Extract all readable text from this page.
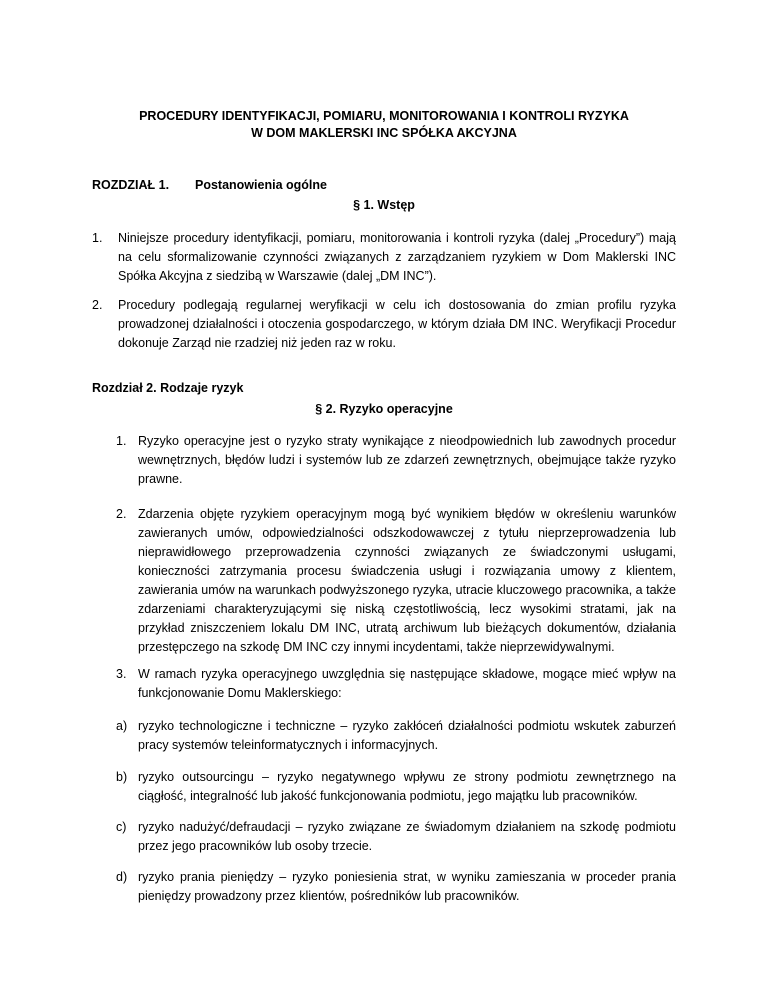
PROCEDURY IDENTYFIKACJI, POMIARU, MONITOROWANIA I KONTROLI RYZYKA
W DOM MAKLERSKI INC SPÓŁKA AKCYJNA
ROZDZIAŁ 1. Postanowienia ogólne
§ 1. Wstęp
1. Niniejsze procedury identyfikacji, pomiaru, monitorowania i kontroli ryzyka (dalej „Procedury”) mają na celu sformalizowanie czynności związanych z zarządzaniem ryzykiem w Dom Maklerski INC Spółka Akcyjna z siedzibą w Warszawie (dalej „DM INC”).
2. Procedury podlegają regularnej weryfikacji w celu ich dostosowania do zmian profilu ryzyka prowadzonej działalności i otoczenia gospodarczego, w którym działa DM INC. Weryfikacji Procedur dokonuje Zarząd nie rzadziej niż jeden raz w roku.
Rozdział 2. Rodzaje ryzyk
§ 2. Ryzyko operacyjne
1. Ryzyko operacyjne jest o ryzyko straty wynikające z nieodpowiednich lub zawodnych procedur wewnętrznych, błędów ludzi i systemów lub ze zdarzeń zewnętrznych, obejmujące także ryzyko prawne.
2. Zdarzenia objęte ryzykiem operacyjnym mogą być wynikiem błędów w określeniu warunków zawieranych umów, odpowiedzialności odszkodowawczej z tytułu nieprzeprowadzenia lub nieprawidłowego przeprowadzenia czynności związanych ze świadczonymi usługami, konieczności zatrzymania procesu świadczenia usługi i rozwiązania umowy z klientem, zawierania umów na warunkach podwyższonego ryzyka, utracie kluczowego pracownika, a także zdarzeniami charakteryzującymi się niską częstotliwością, lecz wysokimi stratami, jak na przykład zniszczeniem lokalu DM INC, utratą archiwum lub bieżących dokumentów, działania przestępczego na szkodę DM INC czy innymi incydentami, także nieprzewidywalnymi.
3. W ramach ryzyka operacyjnego uwzględnia się następujące składowe, mogące mieć wpływ na funkcjonowanie Domu Maklerskiego:
a) ryzyko technologiczne i techniczne – ryzyko zakłóceń działalności podmiotu wskutek zaburzeń pracy systemów teleinformatycznych i informacyjnych.
b) ryzyko outsourcingu – ryzyko negatywnego wpływu ze strony podmiotu zewnętrznego na ciągłość, integralność lub jakość funkcjonowania podmiotu, jego majątku lub pracowników.
c) ryzyko nadużyć/defraudacji – ryzyko związane ze świadomym działaniem na szkodę podmiotu przez jego pracowników lub osoby trzecie.
d) ryzyko prania pieniędzy – ryzyko poniesienia strat, w wyniku zamieszania w proceder prania pieniędzy prowadzony przez klientów, pośredników lub pracowników.
